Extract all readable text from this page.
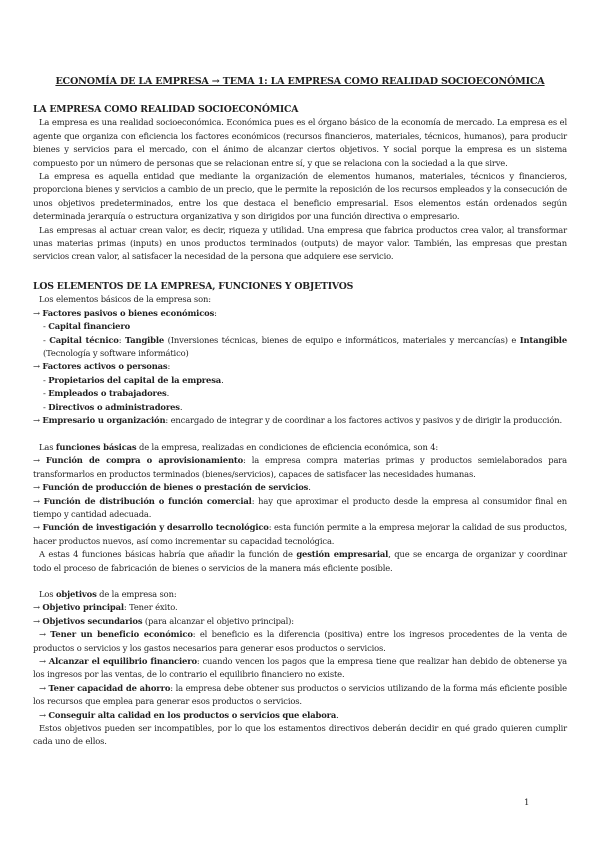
ECONOMÍA DE LA EMPRESA → TEMA 1: LA EMPRESA COMO REALIDAD SOCIOECONÓMICA
LA EMPRESA COMO REALIDAD SOCIOECONÓMICA

La empresa es una realidad socioeconómica. Económica pues es el órgano básico de la economía de mercado. La empresa es el agente que organiza con eficiencia los factores económicos (recursos financieros, materiales, técnicos, humanos), para producir bienes y servicios para el mercado, con el ánimo de alcanzar ciertos objetivos. Y social porque la empresa es un sistema compuesto por un número de personas que se relacionan entre sí, y que se relaciona con la sociedad a la que sirve.

La empresa es aquella entidad que mediante la organización de elementos humanos, materiales, técnicos y financieros, proporciona bienes y servicios a cambio de un precio, que le permite la reposición de los recursos empleados y la consecución de unos objetivos predeterminados, entre los que destaca el beneficio empresarial. Esos elementos están ordenados según determinada jerarquía o estructura organizativa y son dirigidos por una función directiva o empresario.

Las empresas al actuar crean valor, es decir, riqueza y utilidad. Una empresa que fabrica productos crea valor, al transformar unas materias primas (inputs) en unos productos terminados (outputs) de mayor valor. También, las empresas que prestan servicios crean valor, al satisfacer la necesidad de la persona que adquiere ese servicio.

LOS ELEMENTOS DE LA EMPRESA, FUNCIONES Y OBJETIVOS

Los elementos básicos de la empresa son:

→ Factores pasivos o bienes económicos:

- Capital financiero

- Capital técnico: Tangible (Inversiones técnicas, bienes de equipo e informáticos, materiales y mercancías) e Intangible (Tecnología y software informático)

→ Factores activos o personas:

- Propietarios del capital de la empresa.

- Empleados o trabajadores.

- Directivos o administradores.

→ Empresario u organización: encargado de integrar y de coordinar a los factores activos y pasivos y de dirigir la producción.

Las funciones básicas de la empresa, realizadas en condiciones de eficiencia económica, son 4:

→ Función de compra o aprovisionamiento: la empresa compra materias primas y productos semielaborados para transformarlos en productos terminados (bienes/servicios), capaces de satisfacer las necesidades humanas.

→ Función de producción de bienes o prestación de servicios.

→ Función de distribución o función comercial: hay que aproximar el producto desde la empresa al consumidor final en tiempo y cantidad adecuada.

→ Función de investigación y desarrollo tecnológico: esta función permite a la empresa mejorar la calidad de sus productos, hacer productos nuevos, así como incrementar su capacidad tecnológica.

A estas 4 funciones básicas habría que añadir la función de gestión empresarial, que se encarga de organizar y coordinar todo el proceso de fabricación de bienes o servicios de la manera más eficiente posible.

Los objetivos de la empresa son:

→ Objetivo principal: Tener éxito.

→ Objetivos secundarios (para alcanzar el objetivo principal):

→ Tener un beneficio económico: el beneficio es la diferencia (positiva) entre los ingresos procedentes de la venta de productos o servicios y los gastos necesarios para generar esos productos o servicios.

→ Alcanzar el equilibrio financiero: cuando vencen los pagos que la empresa tiene que realizar han debido de obtenerse ya los ingresos por las ventas, de lo contrario el equilibrio financiero no existe.

→ Tener capacidad de ahorro: la empresa debe obtener sus productos o servicios utilizando de la forma más eficiente posible los recursos que emplea para generar esos productos o servicios.

→ Conseguir alta calidad en los productos o servicios que elabora.

Estos objetivos pueden ser incompatibles, por lo que los estamentos directivos deberán decidir en qué grado quieren cumplir cada uno de ellos.

1
